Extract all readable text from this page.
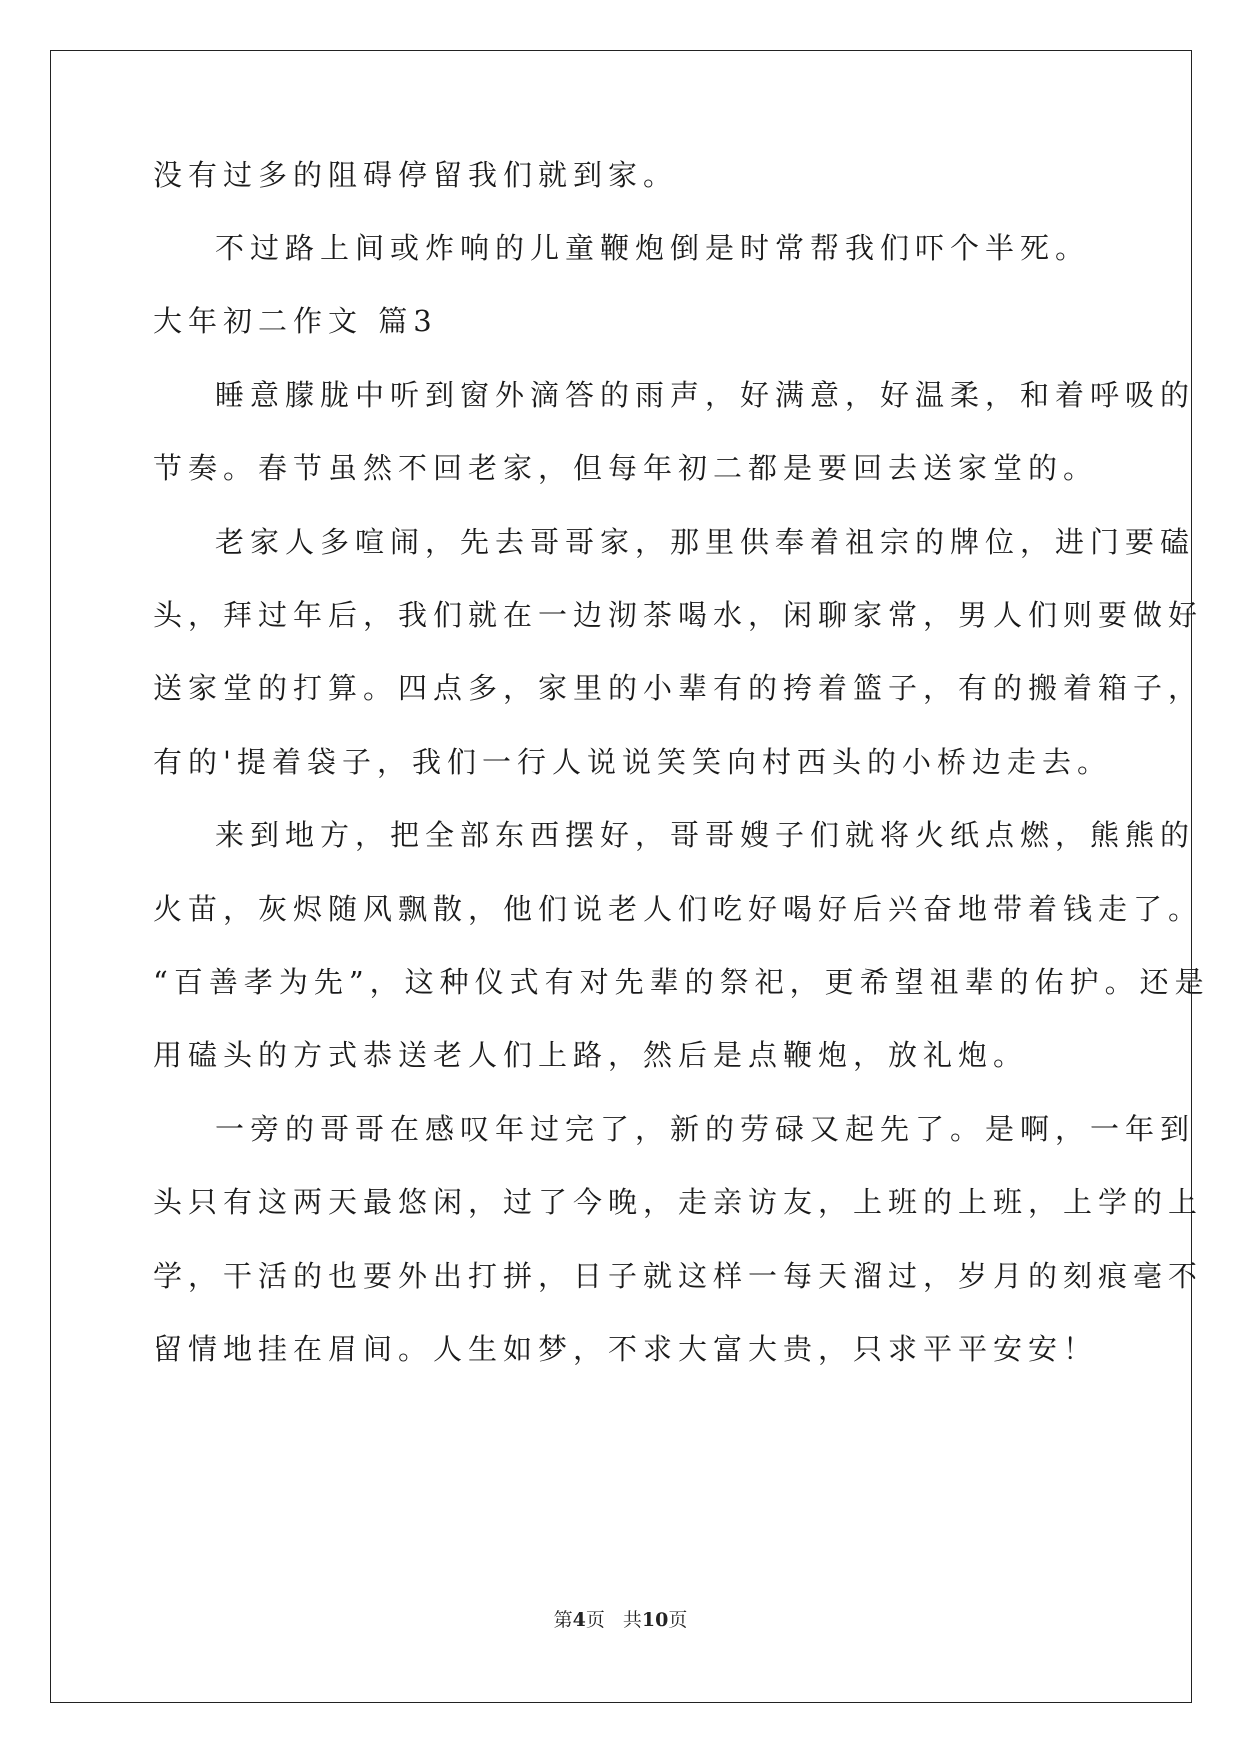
没有过多的阻碍停留我们就到家。
不过路上间或炸响的儿童鞭炮倒是时常帮我们吓个半死。
大年初二作文 篇3
睡意朦胧中听到窗外滴答的雨声，好满意，好温柔，和着呼吸的
节奏。春节虽然不回老家，但每年初二都是要回去送家堂的。
老家人多喧闹，先去哥哥家，那里供奉着祖宗的牌位，进门要磕
头，拜过年后，我们就在一边沏茶喝水，闲聊家常，男人们则要做好
送家堂的打算。四点多，家里的小辈有的挎着篮子，有的搬着箱子，
有的'提着袋子，我们一行人说说笑笑向村西头的小桥边走去。
来到地方，把全部东西摆好，哥哥嫂子们就将火纸点燃，熊熊的
火苗，灰烬随风飘散，他们说老人们吃好喝好后兴奋地带着钱走了。
“百善孝为先”，这种仪式有对先辈的祭祀，更希望祖辈的佑护。还是
用磕头的方式恭送老人们上路，然后是点鞭炮，放礼炮。
一旁的哥哥在感叹年过完了，新的劳碌又起先了。是啊，一年到
头只有这两天最悠闲，过了今晚，走亲访友，上班的上班，上学的上
学，干活的也要外出打拼，日子就这样一每天溜过，岁月的刻痕毫不
留情地挂在眉间。人生如梦，不求大富大贵，只求平平安安！
第4页 共10页
